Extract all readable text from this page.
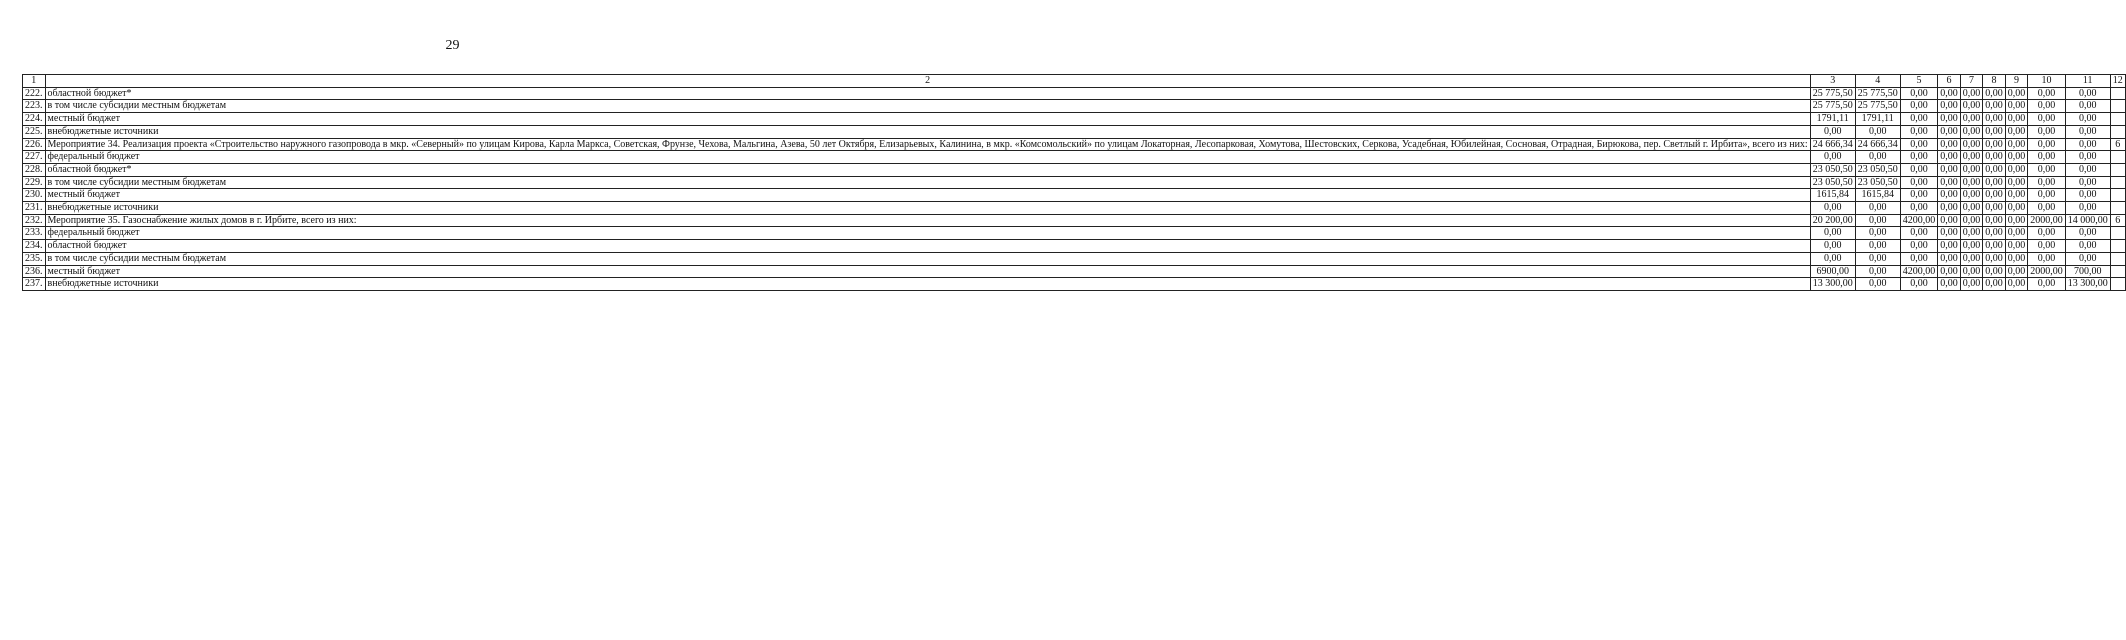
29
1	2	3	4	5	6	7	8	9	10	11	12
222.	областной бюджет*	25 775,50	25 775,50	0,00	0,00	0,00	0,00	0,00	0,00	0,00	
223.	в том числе субсидии местным бюджетам	25 775,50	25 775,50	0,00	0,00	0,00	0,00	0,00	0,00	0,00	
224.	местный бюджет	1791,11	1791,11	0,00	0,00	0,00	0,00	0,00	0,00	0,00	
225.	внебюджетные источники	0,00	0,00	0,00	0,00	0,00	0,00	0,00	0,00	0,00	
226.	Мероприятие 34. Реализация проекта «Строительство наружного газопровода в мкр. «Северный» по улицам Кирова, Карла Маркса, Советская, Фрунзе, Чехова, Мальгина, Азева, 50 лет Октября, Елизарьевых, Калинина, в мкр. «Комсомольский» по улицам Локаторная, Лесопарковая, Хомутова, Шестовских, Серкова, Усадебная, Юбилейная, Сосновая, Отрадная, Бирюкова, пер. Светлый г. Ирбита», всего из них:	24 666,34	24 666,34	0,00	0,00	0,00	0,00	0,00	0,00	0,00	6
227.	федеральный бюджет	0,00	0,00	0,00	0,00	0,00	0,00	0,00	0,00	0,00	
228.	областной бюджет*	23 050,50	23 050,50	0,00	0,00	0,00	0,00	0,00	0,00	0,00	
229.	в том числе субсидии местным бюджетам	23 050,50	23 050,50	0,00	0,00	0,00	0,00	0,00	0,00	0,00	
230.	местный бюджет	1615,84	1615,84	0,00	0,00	0,00	0,00	0,00	0,00	0,00	
231.	внебюджетные источники	0,00	0,00	0,00	0,00	0,00	0,00	0,00	0,00	0,00	
232.	Мероприятие 35. Газоснабжение жилых домов в г. Ирбите, всего из них:	20 200,00	0,00	4200,00	0,00	0,00	0,00	0,00	2000,00	14 000,00	6
233.	федеральный бюджет	0,00	0,00	0,00	0,00	0,00	0,00	0,00	0,00	0,00	
234.	областной бюджет	0,00	0,00	0,00	0,00	0,00	0,00	0,00	0,00	0,00	
235.	в том числе субсидии местным бюджетам	0,00	0,00	0,00	0,00	0,00	0,00	0,00	0,00	0,00	
236.	местный бюджет	6900,00	0,00	4200,00	0,00	0,00	0,00	0,00	2000,00	700,00	
237.	внебюджетные источники	13 300,00	0,00	0,00	0,00	0,00	0,00	0,00	0,00	13 300,00	
